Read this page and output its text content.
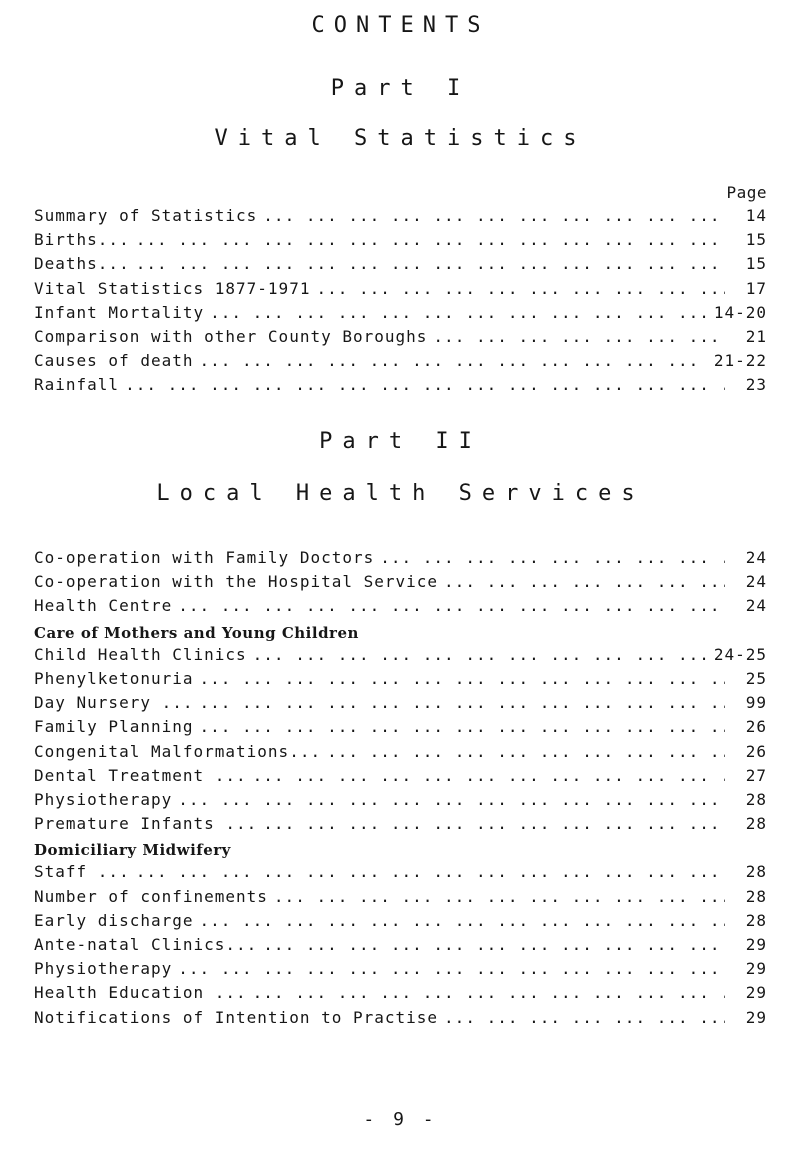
CONTENTS
Part I
Vital Statistics
Page
Summary of Statistics ...	14
Births... ...	15
Deaths... ...	15
Vital Statistics 1877-1971 ...	17
Infant Mortality ...	14-20
Comparison with other County Boroughs ...	21
Causes of death ...	21-22
Rainfall ...	23
Part II
Local Health Services
Co-operation with Family Doctors ...	24
Co-operation with the Hospital Service ...	24
Health Centre ...	24
Care of Mothers and Young Children
Child Health Clinics ...	24-25
Phenylketonuria ...	25
Day Nursery ... ...	99
Family Planning ...	26
Congenital Malformations... ...	26
Dental Treatment ... ...	27
Physiotherapy ...	28
Premature Infants ... ...	28
Domiciliary Midwifery
Staff ... ...	28
Number of confinements ...	28
Early discharge ...	28
Ante-natal Clinics... ...	29
Physiotherapy ...	29
Health Education ... ...	29
Notifications of Intention to Practise ...	29
- 9 -
